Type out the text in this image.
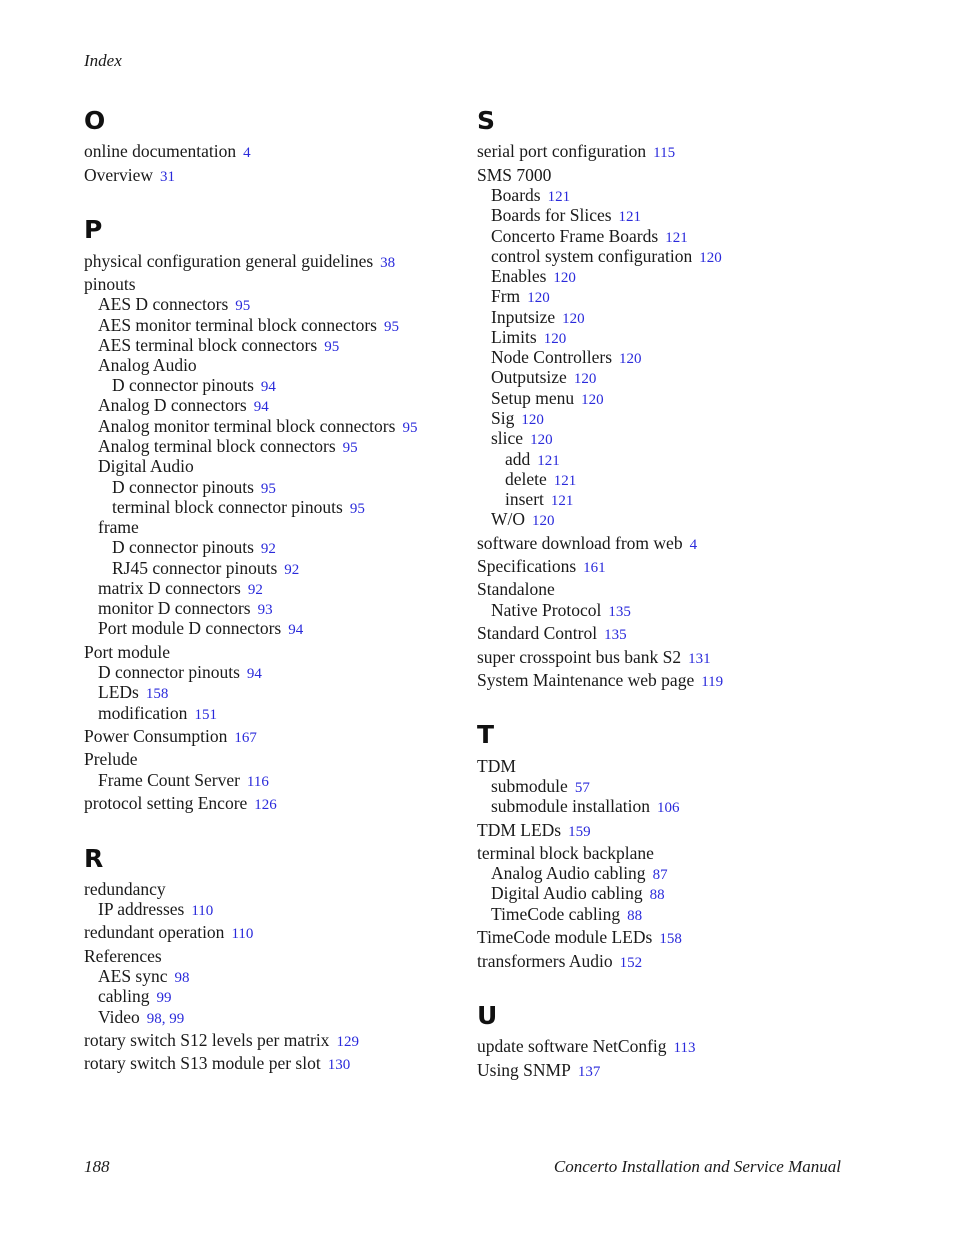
Index
O
online documentation 4
Overview 31
P
physical configuration general guidelines 38
pinouts
AES D connectors 95
AES monitor terminal block connectors 95
AES terminal block connectors 95
Analog Audio
D connector pinouts 94
Analog D connectors 94
Analog monitor terminal block connectors 95
Analog terminal block connectors 95
Digital Audio
D connector pinouts 95
terminal block connector pinouts 95
frame
D connector pinouts 92
RJ45 connector pinouts 92
matrix D connectors 92
monitor D connectors 93
Port module D connectors 94
Port module
D connector pinouts 94
LEDs 158
modification 151
Power Consumption 167
Prelude
Frame Count Server 116
protocol setting Encore 126
R
redundancy
IP addresses 110
redundant operation 110
References
AES sync 98
cabling 99
Video 98, 99
rotary switch S12 levels per matrix 129
rotary switch S13 module per slot 130
S
serial port configuration 115
SMS 7000
Boards 121
Boards for Slices 121
Concerto Frame Boards 121
control system configuration 120
Enables 120
Frm 120
Inputsize 120
Limits 120
Node Controllers 120
Outputsize 120
Setup menu 120
Sig 120
slice 120
add 121
delete 121
insert 121
W/O 120
software download from web 4
Specifications 161
Standalone
Native Protocol 135
Standard Control 135
super crosspoint bus bank S2 131
System Maintenance web page 119
T
TDM
submodule 57
submodule installation 106
TDM LEDs 159
terminal block backplane
Analog Audio cabling 87
Digital Audio cabling 88
TimeCode cabling 88
TimeCode module LEDs 158
transformers Audio 152
U
update software NetConfig 113
Using SNMP 137
188	Concerto Installation and Service Manual
